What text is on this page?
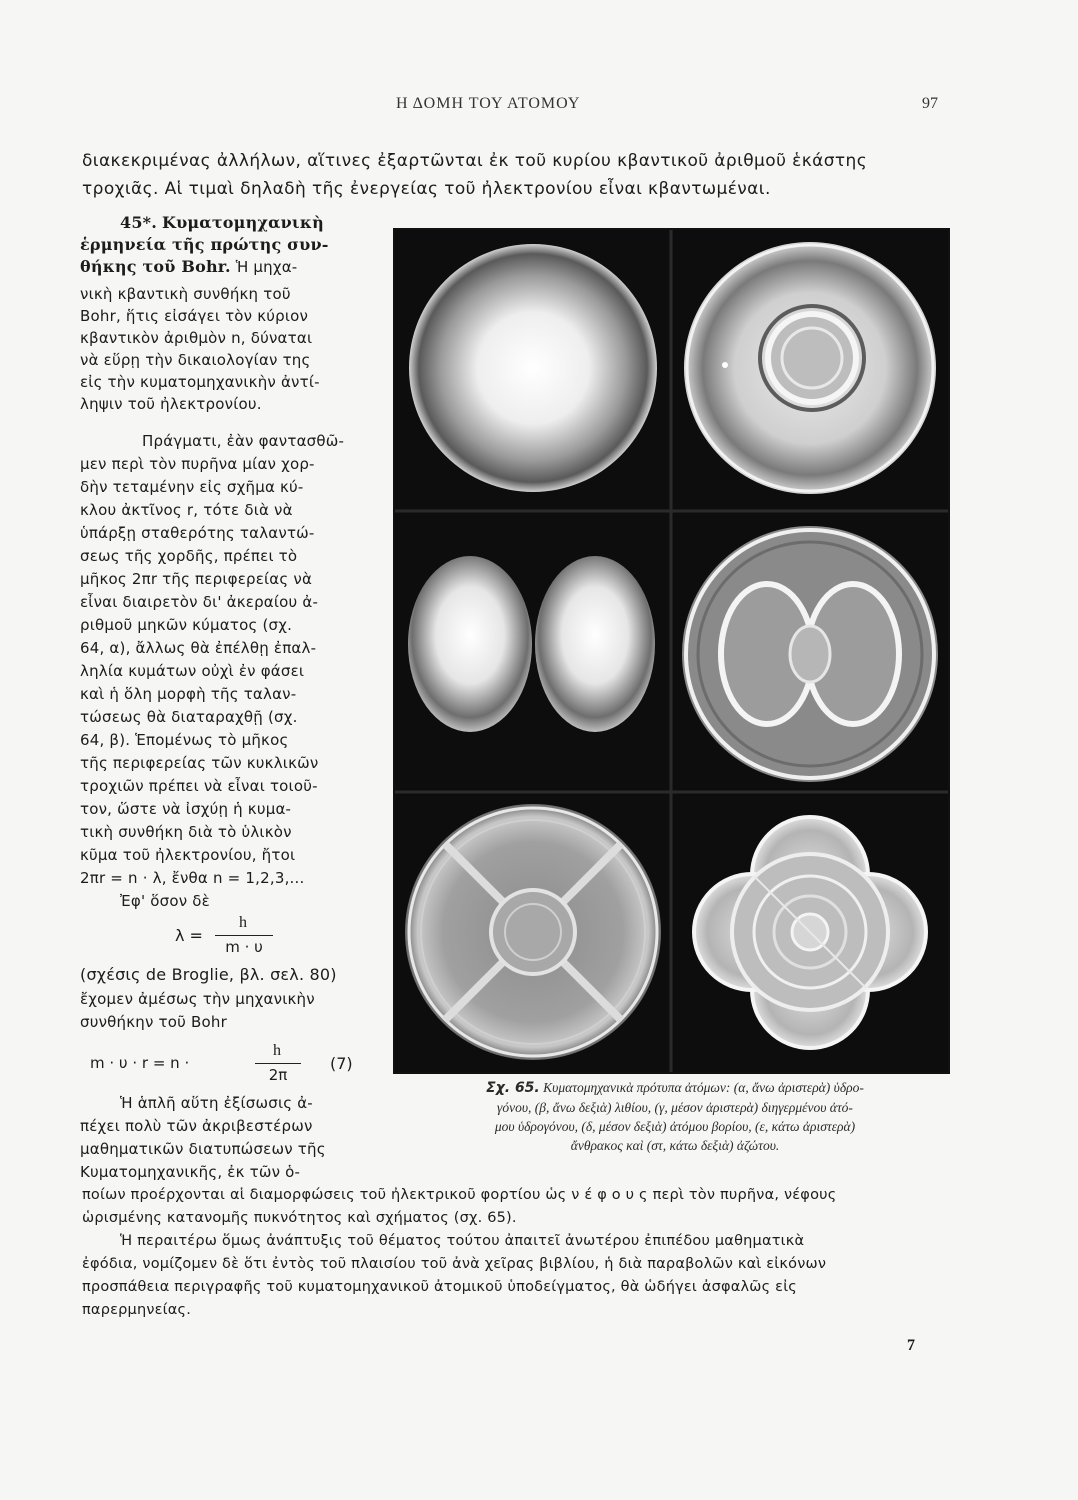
Η ΔΟΜΗ ΤΟΥ ΑΤΟΜΟΥ	97
διακεκριμένας ἀλλήλων, αἵτινες ἐξαρτῶνται ἐκ τοῦ κυρίου κβαντικοῦ ἀριθμοῦ ἑκάστης
τροχιᾶς. Αἱ τιμαὶ δηλαδὴ τῆς ἐνεργείας τοῦ ἠλεκτρονίου εἶναι κβαντωμέναι.
45*. Κυματομηχανικὴ
ἑρμηνεία τῆς πρώτης συν-
θήκης τοῦ Bohr. Ἡ μηχα-
νικὴ κβαντικὴ συνθήκη τοῦ
Bohr, ἥτις εἰσάγει τὸν κύριον
κβαντικὸν ἀριθμὸν n, δύναται
νὰ εὕρῃ τὴν δικαιολογίαν της
εἰς τὴν κυματομηχανικὴν ἀντί-
ληψιν τοῦ ἠλεκτρονίου.
Πράγματι, ἐὰν φαντασθῶ-
μεν περὶ τὸν πυρῆνα μίαν χορ-
δὴν τεταμένην εἰς σχῆμα κύ-
κλου ἀκτῖνος r, τότε διὰ νὰ
ὑπάρξῃ σταθερότης ταλαντώ-
σεως τῆς χορδῆς, πρέπει τὸ
μῆκος 2πr τῆς περιφερείας νὰ
εἶναι διαιρετὸν δι' ἀκεραίου ἀ-
ριθμοῦ μηκῶν κύματος (σχ.
64, α), ἄλλως θὰ ἐπέλθῃ ἐπαλ-
ληλία κυμάτων οὐχὶ ἐν φάσει
καὶ ἡ ὅλη μορφὴ τῆς ταλαν-
τώσεως θὰ διαταραχθῇ (σχ.
64, β). Ἑπομένως τὸ μῆκος
τῆς περιφερείας τῶν κυκλικῶν
τροχιῶν πρέπει νὰ εἶναι τοιοῦ-
τον, ὥστε νὰ ἰσχύῃ ἡ κυμα-
τικὴ συνθήκη διὰ τὸ ὑλικὸν
κῦμα τοῦ ἠλεκτρονίου, ἤτοι
2πr = n · λ, ἔνθα n = 1,2,3,...
Ἐφ' ὅσον δὲ
λ =
h
m · υ
(σχέσις de Broglie, βλ. σελ. 80)
ἔχομεν ἀμέσως τὴν μηχανικὴν
συνθήκην τοῦ Bohr
m · υ · r = n ·
h
2π
(7)
Ἡ ἁπλῆ αὕτη ἐξίσωσις ἀ-
πέχει πολὺ τῶν ἀκριβεστέρων
μαθηματικῶν διατυπώσεων τῆς
Κυματομηχανικῆς, ἐκ τῶν ὁ-
Σχ. 65. Κυματομηχανικὰ πρότυπα ἀτόμων: (α, ἄνω ἀριστερὰ) ὑδρο-
γόνου, (β, ἄνω δεξιὰ) λιθίου, (γ, μέσον ἀριστερὰ) διηγερμένου ἀτό-
μου ὑδρογόνου, (δ, μέσον δεξιὰ) ἀτόμου βορίου, (ε, κάτω ἀριστερὰ)
ἄνθρακος καὶ (στ, κάτω δεξιὰ) ἀζώτου.
ποίων προέρχονται αἱ διαμορφώσεις τοῦ ἠλεκτρικοῦ φορτίου ὡς ν έ φ ο υ ς περὶ τὸν πυρῆνα, νέφους
ὡρισμένης κατανομῆς πυκνότητος καὶ σχήματος (σχ. 65).
Ἡ περαιτέρω ὅμως ἀνάπτυξις τοῦ θέματος τούτου ἀπαιτεῖ ἀνωτέρου ἐπιπέδου μαθηματικὰ
ἐφόδια, νομίζομεν δὲ ὅτι ἐντὸς τοῦ πλαισίου τοῦ ἀνὰ χεῖρας βιβλίου, ἡ διὰ παραβολῶν καὶ εἰκόνων
προσπάθεια περιγραφῆς τοῦ κυματομηχανικοῦ ἀτομικοῦ ὑποδείγματος, θὰ ὡδήγει ἀσφαλῶς εἰς
παρερμηνείας.
7
